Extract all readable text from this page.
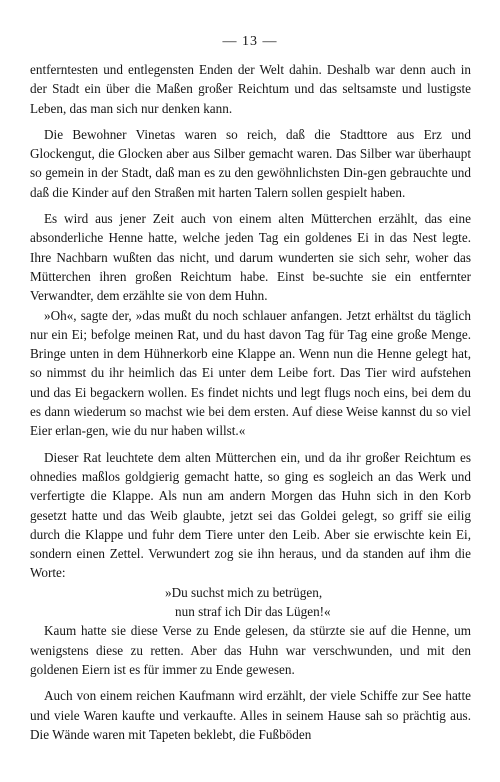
— 13 —

entferntesten und entlegensten Enden der Welt dahin. Deshalb war denn auch in der Stadt ein über die Maßen großer Reichtum und das seltsamste und lustigste Leben, das man sich nur denken kann.

Die Bewohner Vinetas waren so reich, daß die Stadttore aus Erz und Glockengut, die Glocken aber aus Silber gemacht waren. Das Silber war überhaupt so gemein in der Stadt, daß man es zu den gewöhnlichsten Din-gen gebrauchte und daß die Kinder auf den Straßen mit harten Talern sollen gespielt haben.

Es wird aus jener Zeit auch von einem alten Mütterchen erzählt, das eine absonderliche Henne hatte, welche jeden Tag ein goldenes Ei in das Nest legte. Ihre Nachbarn wußten das nicht, und darum wunderten sie sich sehr, woher das Mütterchen ihren großen Reichtum habe. Einst be-suchte sie ein entfernter Verwandter, dem erzählte sie von dem Huhn.

»Oh«, sagte der, »das mußt du noch schlauer anfangen. Jetzt erhältst du täglich nur ein Ei; befolge meinen Rat, und du hast davon Tag für Tag eine große Menge. Bringe unten in dem Hühnerkorb eine Klappe an. Wenn nun die Henne gelegt hat, so nimmst du ihr heimlich das Ei unter dem Leibe fort. Das Tier wird aufstehen und das Ei begackern wollen. Es findet nichts und legt flugs noch eins, bei dem du es dann wiederum so machst wie bei dem ersten. Auf diese Weise kannst du so viel Eier erlan-gen, wie du nur haben willst.«

Dieser Rat leuchtete dem alten Mütterchen ein, und da ihr großer Reichtum es ohnedies maßlos goldgierig gemacht hatte, so ging es sogleich an das Werk und verfertigte die Klappe. Als nun am andern Morgen das Huhn sich in den Korb gesetzt hatte und das Weib glaubte, jetzt sei das Goldei gelegt, so griff sie eilig durch die Klappe und fuhr dem Tiere unter den Leib. Aber sie erwischte kein Ei, sondern einen Zettel. Verwundert zog sie ihn heraus, und da standen auf ihm die Worte:

»Du suchst mich zu betrügen,
nun straf ich Dir das Lügen!«

Kaum hatte sie diese Verse zu Ende gelesen, da stürzte sie auf die Henne, um wenigstens diese zu retten. Aber das Huhn war verschwunden, und mit den goldenen Eiern ist es für immer zu Ende gewesen.

Auch von einem reichen Kaufmann wird erzählt, der viele Schiffe zur See hatte und viele Waren kaufte und verkaufte. Alles in seinem Hause sah so prächtig aus. Die Wände waren mit Tapeten beklebt, die Fußböden
